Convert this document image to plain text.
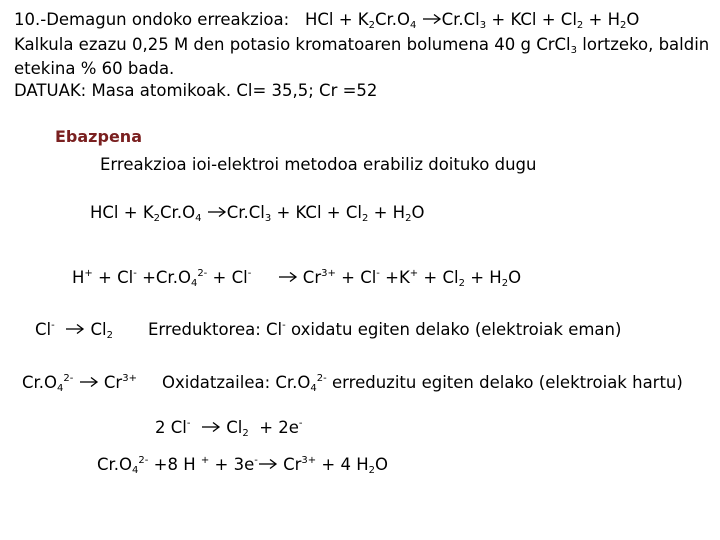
10.-Demagun ondoko erreakzioa:   HCl + $K_2Cr.O_4$ $Cr.Cl_3$ + KCl + $Cl_2 + H_2O$
Kalkula ezazu 0,25 M den potasio kromatoaren bolumena 40 g CrCl$_3$ lortzeko, baldin
etekina % 60 bada.
DATUAK: Masa atomikoak. Cl= 35,5; Cr =52
Ebazpena
Erreakzioa ioi-elektroi metodoa erabiliz doituko dugu
HCl + $K_2Cr.O_4$ $Cr.Cl_3$ + KCl + $Cl_2 + H_2O$
$H^+ + Cl^- +Cr.O_4^{2-} + Cl^-$	$Cr^{3+} + Cl^- +K^+ + Cl_2 + H_2O$
Cl-
$Cl_2$ Erreduktorea: Cl- oxidatu egiten delako (elektroiak eman)
$Cr.O_4^{2-}$
$Cr^{3+}$ Oxidatzailea: $Cr.O_4^{2-}$ erreduzitu egiten delako (elektroiak hartu)
2 Cl-
$Cl_2 + 2e^-$
$Cr.O_4^{2-} +8$ H + + 3e-
$Cr^{3+} + 4$ $H_2O$
